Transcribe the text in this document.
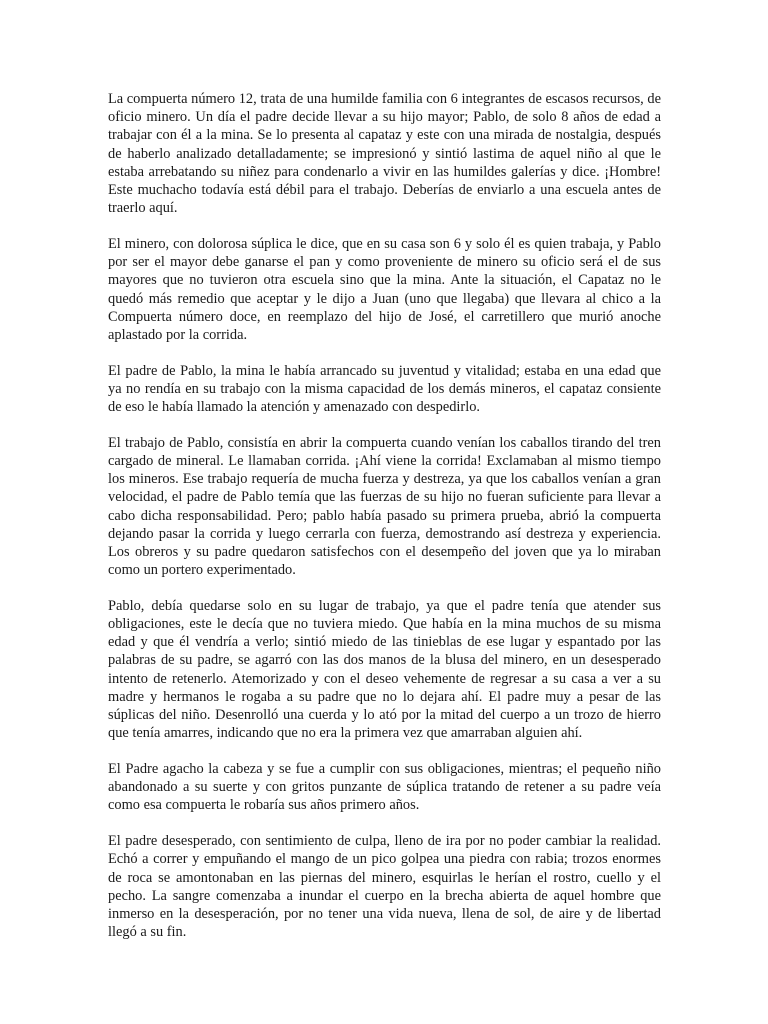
La compuerta número 12, trata de una humilde familia con 6 integrantes de escasos recursos, de oficio minero. Un día el padre decide llevar a su hijo mayor; Pablo, de solo 8 años de edad a trabajar con él a la mina. Se lo presenta al capataz y este con una mirada de nostalgia, después de haberlo analizado detalladamente; se impresionó y sintió lastima de aquel niño al que le estaba arrebatando su niñez para condenarlo a vivir en las humildes galerías y dice. ¡Hombre! Este muchacho todavía está débil para el trabajo. Deberías de enviarlo a una escuela antes de traerlo aquí.

El minero, con dolorosa súplica le dice, que en su casa son 6 y solo él es quien trabaja, y Pablo por ser el mayor debe ganarse el pan y como proveniente de minero su oficio será el de sus mayores que no tuvieron otra escuela sino que la mina. Ante la situación, el Capataz no le quedó más remedio que aceptar y le dijo a Juan (uno que llegaba) que llevara al chico a la Compuerta número doce, en reemplazo del hijo de José, el carretillero que murió anoche aplastado por la corrida.

El padre de Pablo, la mina le había arrancado su juventud y vitalidad; estaba en una edad que ya no rendía en su trabajo con la misma capacidad de los demás mineros, el capataz consiente de eso le había llamado la atención y amenazado con despedirlo.

El trabajo de Pablo, consistía en abrir la compuerta cuando venían los caballos tirando del tren cargado de mineral. Le llamaban corrida. ¡Ahí viene la corrida! Exclamaban al mismo tiempo los mineros. Ese trabajo requería de mucha fuerza y destreza, ya que los caballos venían a gran velocidad, el padre de Pablo temía que las fuerzas de su hijo no fueran suficiente para llevar a cabo dicha responsabilidad. Pero; pablo había pasado su primera prueba, abrió la compuerta dejando pasar la corrida y luego cerrarla con fuerza, demostrando así destreza y experiencia. Los obreros y su padre quedaron satisfechos con el desempeño del joven que ya lo miraban como un portero experimentado.

Pablo, debía quedarse solo en su lugar de trabajo, ya que el padre tenía que atender sus obligaciones, este le decía que no tuviera miedo. Que había en la mina muchos de su misma edad y que él vendría a verlo; sintió miedo de las tinieblas de ese lugar y espantado por las palabras de su padre, se agarró con las dos manos de la blusa del minero, en un desesperado intento de retenerlo. Atemorizado y con el deseo vehemente de regresar a su casa a ver a su madre y hermanos le rogaba a su padre que no lo dejara ahí. El padre muy a pesar de las súplicas del niño. Desenrolló una cuerda y lo ató por la mitad del cuerpo a un trozo de hierro que tenía amarres, indicando que no era la primera vez que amarraban alguien ahí.

El Padre agacho la cabeza y se fue a cumplir con sus obligaciones, mientras; el pequeño niño abandonado a su suerte y con gritos punzante de súplica tratando de retener a su padre veía como esa compuerta le robaría sus años primero años.

El padre desesperado, con sentimiento de culpa, lleno de ira por no poder cambiar la realidad. Echó a correr y empuñando el mango de un pico golpea una piedra con rabia; trozos enormes de roca se amontonaban en las piernas del minero, esquirlas le herían el rostro, cuello y el pecho. La sangre comenzaba a inundar el cuerpo en la brecha abierta de aquel hombre que inmerso en la desesperación, por no tener una vida nueva, llena de sol, de aire y de libertad llegó a su fin.
